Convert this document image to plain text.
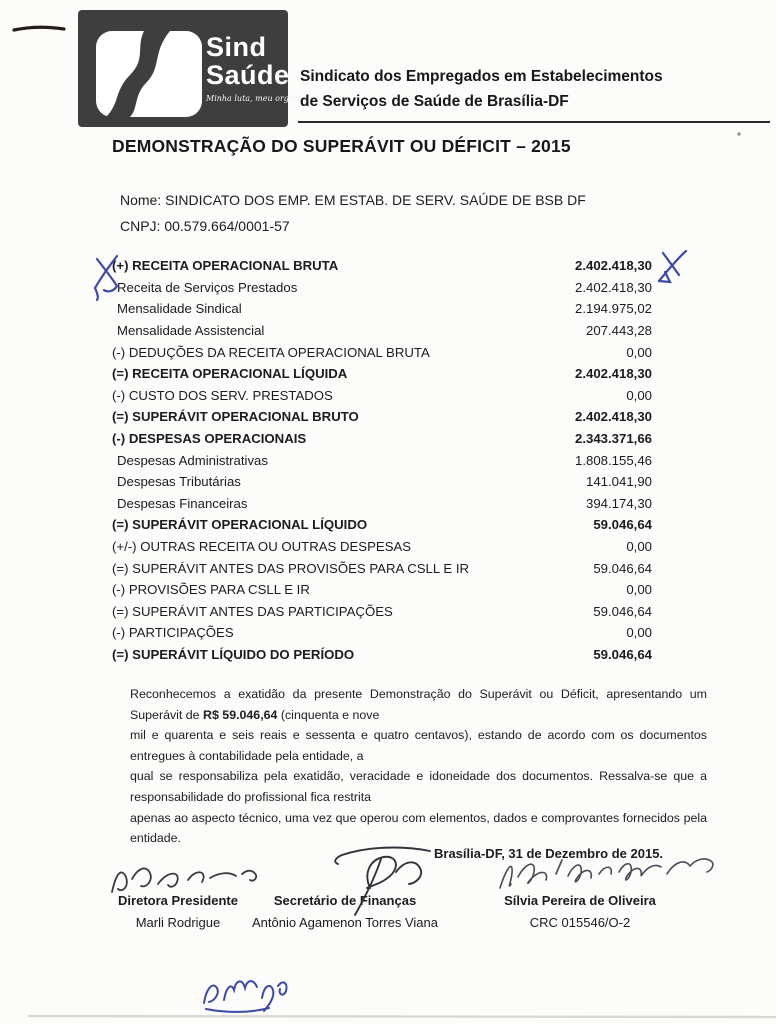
Sind
Saúde
Minha luta, meu orgulho!
Sindicato dos Empregados em Estabelecimentos
de Serviços de Saúde de Brasília-DF
DEMONSTRAÇÃO DO SUPERÁVIT OU DÉFICIT – 2015
Nome: SINDICATO DOS EMP. EM ESTAB. DE SERV. SAÚDE DE BSB DF
CNPJ: 00.579.664/0001-57
(+) RECEITA OPERACIONAL BRUTA	2.402.418,30
Receita de Serviços Prestados	2.402.418,30
Mensalidade Sindical	2.194.975,02
Mensalidade Assistencial	207.443,28
(-) DEDUÇÕES DA RECEITA OPERACIONAL BRUTA	0,00
(=) RECEITA OPERACIONAL LÍQUIDA	2.402.418,30
(-) CUSTO DOS SERV. PRESTADOS	0,00
(=) SUPERÁVIT OPERACIONAL BRUTO	2.402.418,30
(-) DESPESAS OPERACIONAIS	2.343.371,66
Despesas Administrativas	1.808.155,46
Despesas Tributárias	141.041,90
Despesas Financeiras	394.174,30
(=) SUPERÁVIT OPERACIONAL LÍQUIDO	59.046,64
(+/-) OUTRAS RECEITA OU OUTRAS DESPESAS	0,00
(=) SUPERÁVIT ANTES DAS PROVISÕES PARA CSLL E IR	59.046,64
(-) PROVISÕES PARA CSLL E IR	0,00
(=) SUPERÁVIT ANTES DAS PARTICIPAÇÕES	59.046,64
(-) PARTICIPAÇÕES	0,00
(=) SUPERÁVIT LÍQUIDO DO PERÍODO	59.046,64

Reconhecemos a exatidão da presente Demonstração do Superávit ou Déficit, apresentando um Superávit de R$ 59.046,64 (cinquenta e nove

mil e quarenta e seis reais e sessenta e quatro centavos), estando de acordo com os documentos entregues à contabilidade pela entidade, a

qual se responsabiliza pela exatidão, veracidade e idoneidade dos documentos. Ressalva-se que a responsabilidade do profissional fica restrita

apenas ao aspecto técnico, uma vez que operou com elementos, dados e comprovantes fornecidos pela entidade.

Brasília-DF, 31 de Dezembro de 2015.
Diretora Presidente
Marli Rodrigue
Secretário de Finanças
Antônio Agamenon Torres Viana
Sílvia Pereira de Oliveira
CRC 015546/O-2
